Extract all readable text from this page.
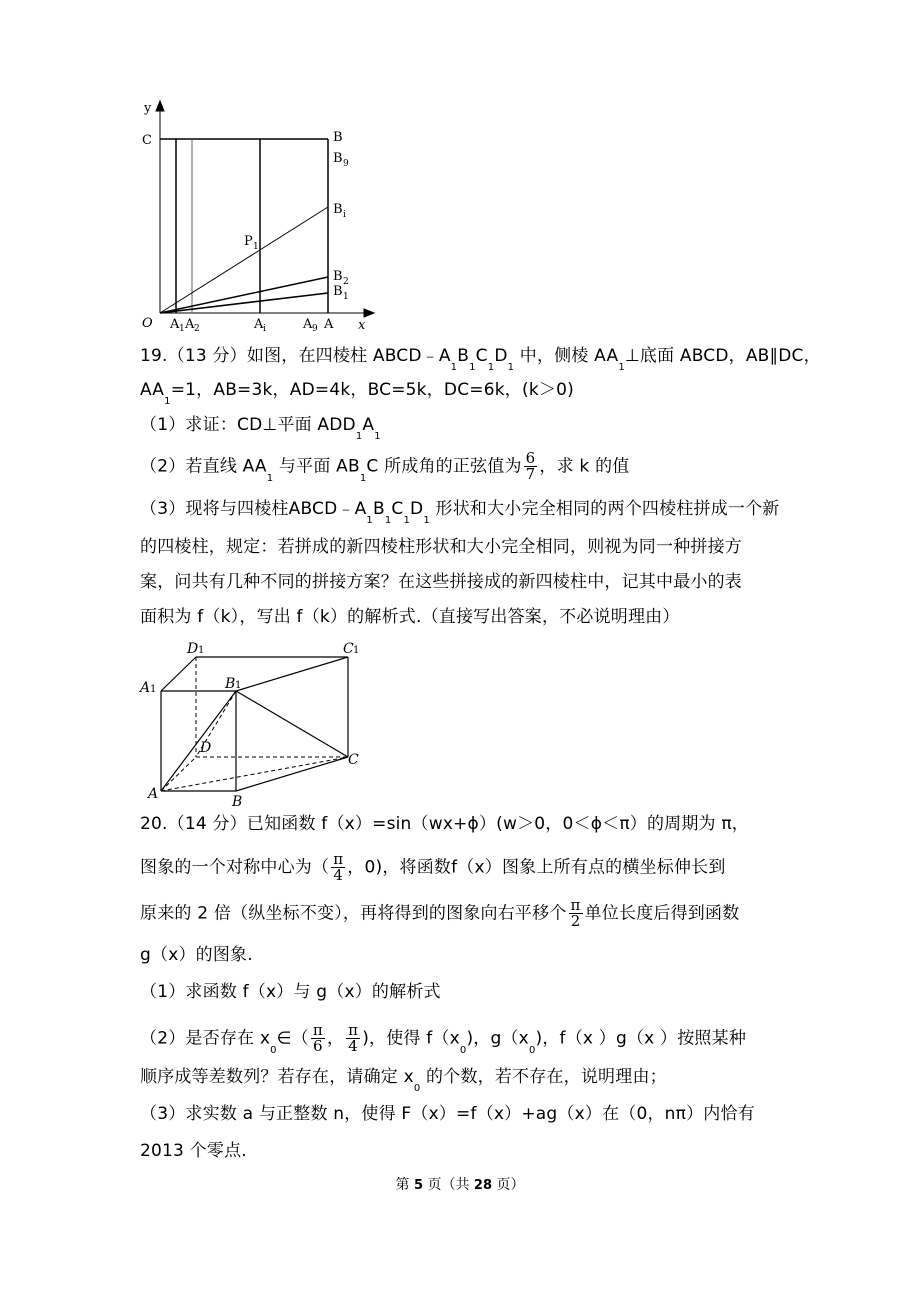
y
x
O
C	B
B 9
B i
B 2
B 1
P 1
A 1 A 2	A i	A 9 A
19.（13 分）如图，在四棱柱 $ABCD﹣A_1B_1C_1D_1$ 中，侧棱 $AA_1\perp$底面 ABCD，AB∥DC，
$AA_1=1$，AB=3k，AD=4k，BC=5k，DC=6k，(k＞0)
（1）求证：CD⊥平面 $ADD_1A_1$
（2）若直线 $AA_1$ 与平面 $AB_1C$ 所成角的正弦值为 $\frac{6}{7}$ ，求 k 的值
（3）现将与四棱柱$ABCD﹣A_1B_1C_1D_1$ 形状和大小完全相同的两个四棱柱拼成一个新
的四棱柱，规定：若拼成的新四棱柱形状和大小完全相同，则视为同一种拼接方
案，问共有几种不同的拼接方案？在这些拼接成的新四棱柱中，记其中最小的表
面积为 f（k），写出 f（k）的解析式.（直接写出答案，不必说明理由）
D 1	C 1
A 1	B 1
D
C
A	B
20.（14 分）已知函数 f（x）=sin（wx+ϕ）(w＞0，0＜ϕ＜π）的周期为 π，
图象的一个对称中心为（ $\frac{\pi}{4}$ ，0)，将函数f（x）图象上所有点的横坐标伸长到
原来的 2 倍（纵坐标不变），再将得到的图象向右平移个 $\frac{\pi}{2}$ 单位长度后得到函数
g（x）的图象.
（1）求函数 f（x）与 g（x）的解析式
（2）是否存在 $x_0\in( \frac{\pi}{6}$ ， $\frac{\pi}{4}$ )，使得 $f(x_0)$，$g(x_0)$，f（x ）g（x ）按照某种
顺序成等差数列？若存在，请确定 $x_0$ 的个数，若不存在，说明理由；
（3）求实数 a 与正整数 n，使得 F（x）=f（x）+ag（x）在（0，nπ）内恰有
2013 个零点.
第 5 页（共 28 页）
